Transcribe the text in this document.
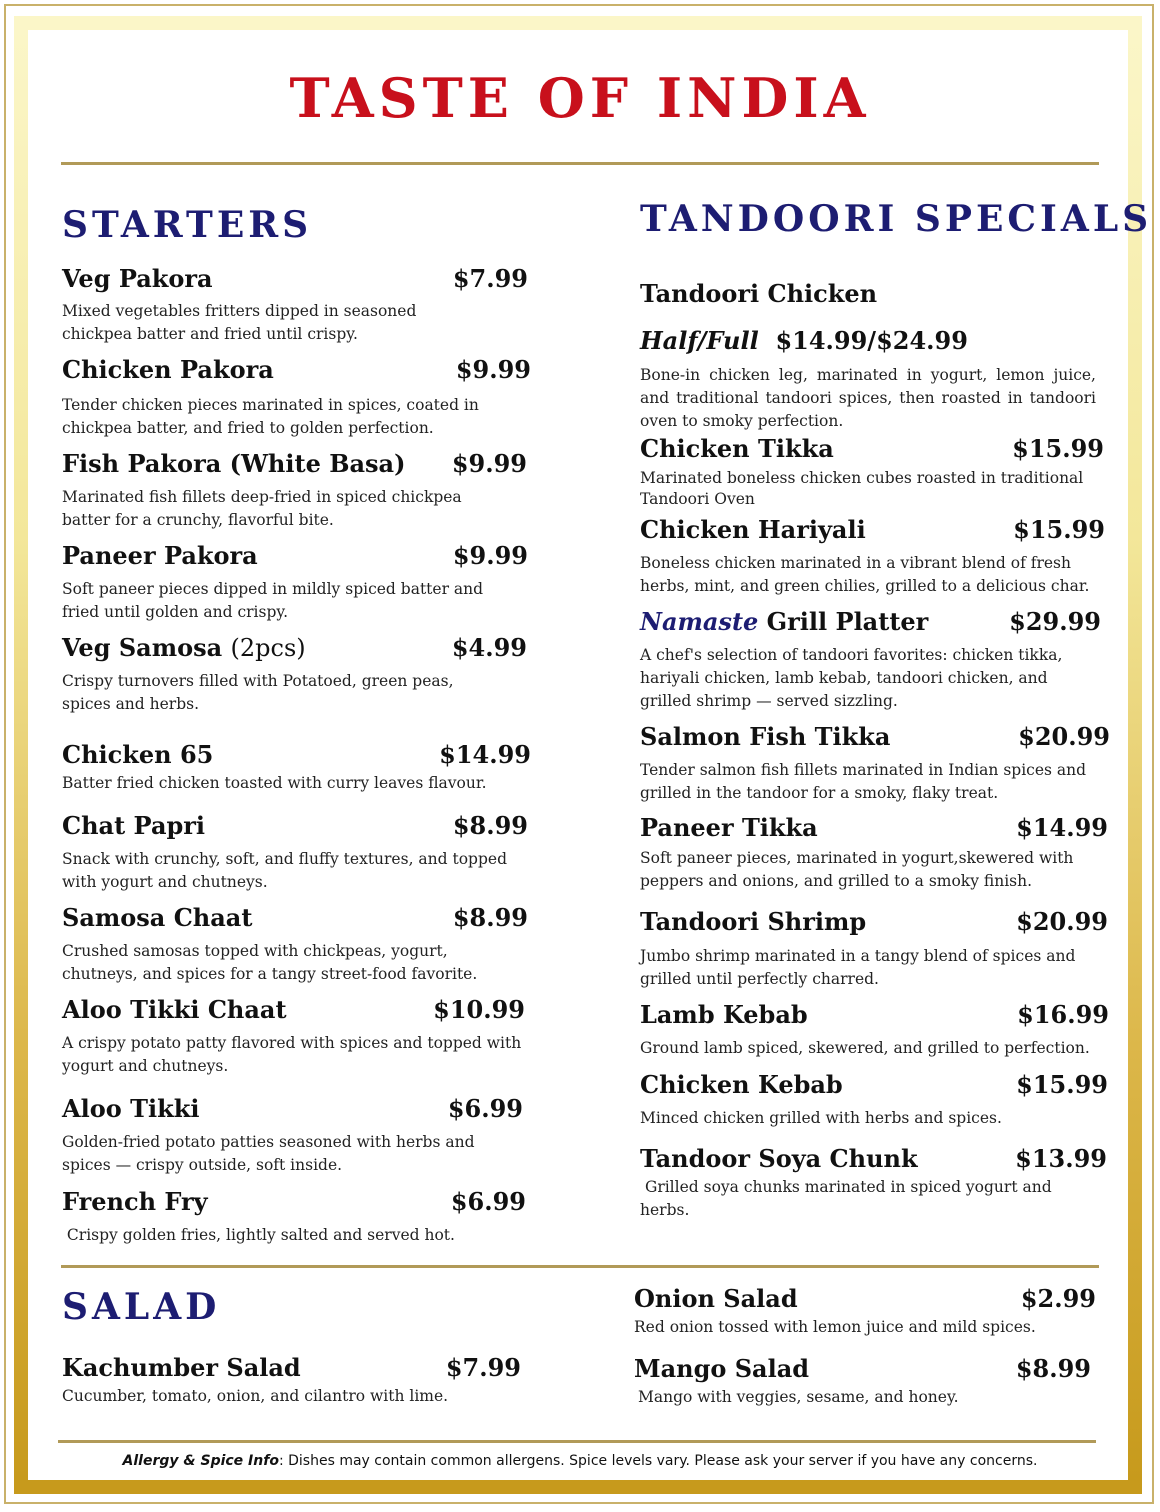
TASTE OF INDIA
STARTERS
Veg Pakora	$7.99
Mixed vegetables fritters dipped in seasoned chickpea batter and fried until crispy.
Chicken Pakora	$9.99
Tender chicken pieces marinated in spices, coated in chickpea batter, and fried to golden perfection.
Fish Pakora (White Basa)	$9.99
Marinated fish fillets deep-fried in spiced chickpea batter for a crunchy, flavorful bite.
Paneer Pakora	$9.99
Soft paneer pieces dipped in mildly spiced batter and fried until golden and crispy.
Veg Samosa (2pcs)	$4.99
Crispy turnovers filled with Potatoed, green peas, spices and herbs.
Chicken 65	$14.99
Batter fried chicken toasted with curry leaves flavour.
Chat Papri	$8.99
Snack with crunchy, soft, and fluffy textures, and topped with yogurt and chutneys.
Samosa Chaat	$8.99
Crushed samosas topped with chickpeas, yogurt, chutneys, and spices for a tangy street-food favorite.
Aloo Tikki Chaat	$10.99
A crispy potato patty flavored with spices and topped with yogurt and chutneys.
Aloo Tikki	$6.99
Golden-fried potato patties seasoned with herbs and spices — crispy outside, soft inside.
French Fry	$6.99
Crispy golden fries, lightly salted and served hot.
TANDOORI SPECIALS
Tandoori Chicken
Half/Full $14.99/$24.99
Bone-in chicken leg, marinated in yogurt, lemon juice, and traditional tandoori spices, then roasted in tandoori oven to smoky perfection.
Chicken Tikka	$15.99
Marinated boneless chicken cubes roasted in traditional Tandoori Oven
Chicken Hariyali	$15.99
Boneless chicken marinated in a vibrant blend of fresh herbs, mint, and green chilies, grilled to a delicious char.
Namaste Grill Platter	$29.99
A chef's selection of tandoori favorites: chicken tikka, hariyali chicken, lamb kebab, tandoori chicken, and grilled shrimp — served sizzling.
Salmon Fish Tikka	$20.99
Tender salmon fish fillets marinated in Indian spices and grilled in the tandoor for a smoky, flaky treat.
Paneer Tikka	$14.99
Soft paneer pieces, marinated in yogurt,skewered with peppers and onions, and grilled to a smoky finish.
Tandoori Shrimp	$20.99
Jumbo shrimp marinated in a tangy blend of spices and grilled until perfectly charred.
Lamb Kebab	$16.99
Ground lamb spiced, skewered, and grilled to perfection.
Chicken Kebab	$15.99
Minced chicken grilled with herbs and spices.
Tandoor Soya Chunk	$13.99
Grilled soya chunks marinated in spiced yogurt and herbs.
SALAD
Kachumber Salad	$7.99
Cucumber, tomato, onion, and cilantro with lime.
Onion Salad	$2.99
Red onion tossed with lemon juice and mild spices.
Mango Salad	$8.99
Mango with veggies, sesame, and honey.
Allergy & Spice Info: Dishes may contain common allergens. Spice levels vary. Please ask your server if you have any concerns.
